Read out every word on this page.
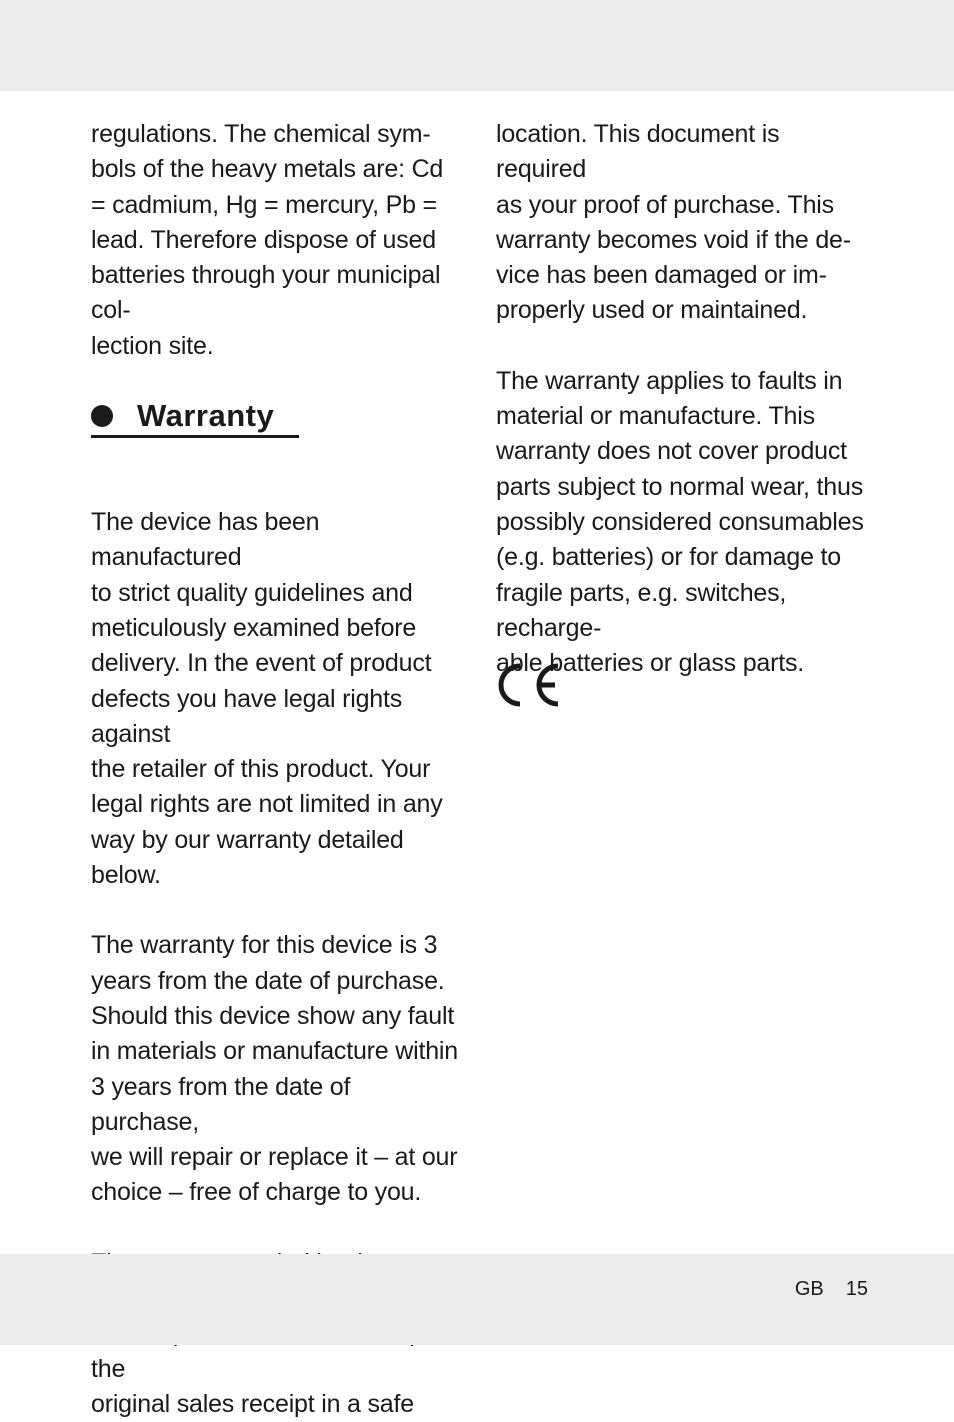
regulations. The chemical sym-
bols of the heavy metals are: Cd
= cadmium, Hg = mercury, Pb =
lead. Therefore dispose of used
batteries through your municipal col-
lection site.

The device has been manufactured
to strict quality guidelines and
meticulously examined before
delivery. In the event of product
defects you have legal rights against
the retailer of this product. Your
legal rights are not limited in any
way by our warranty detailed
below.

The warranty for this device is 3
years from the date of purchase.
Should this device show any fault
in materials or manufacture within
3 years from the date of purchase,
we will repair or replace it – at our
choice – free of charge to you.

the
original sales receipt in a safe

Warranty

location. This document is required
as your proof of purchase. This
warranty becomes void if the de-
vice has been damaged or im-
properly used or maintained.

The warranty applies to faults in
material or manufacture. This
warranty does not cover product
parts subject to normal wear, thus
possibly considered consumables
(e.g. batteries) or for damage to
fragile parts, e.g. switches, recharge-
able batteries or glass parts.

GB 15
